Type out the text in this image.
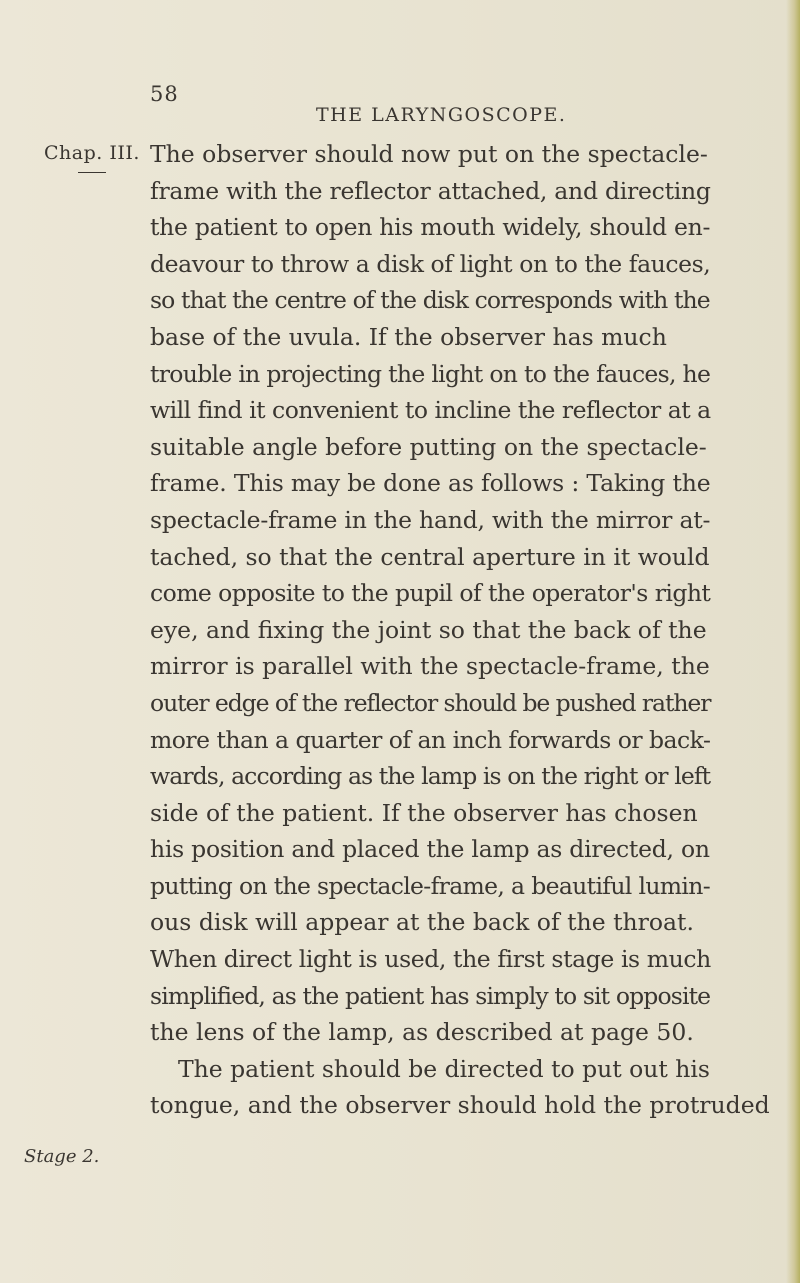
58
THE LARYNGOSCOPE.
Chap. III.
Stage 2.
The observer should now put on the spectacle-
frame with the reflector attached, and directing
the patient to open his mouth widely, should en-
deavour to throw a disk of light on to the fauces,
so that the centre of the disk corresponds with the
base of the uvula. If the observer has much
trouble in projecting the light on to the fauces, he
will find it convenient to incline the reflector at a
suitable angle before putting on the spectacle-
frame. This may be done as follows : Taking the
spectacle-frame in the hand, with the mirror at-
tached, so that the central aperture in it would
come opposite to the pupil of the operator's right
eye, and fixing the joint so that the back of the
mirror is parallel with the spectacle-frame, the
outer edge of the reflector should be pushed rather
more than a quarter of an inch forwards or back-
wards, according as the lamp is on the right or left
side of the patient. If the observer has chosen
his position and placed the lamp as directed, on
putting on the spectacle-frame, a beautiful lumin-
ous disk will appear at the back of the throat.
When direct light is used, the first stage is much
simplified, as the patient has simply to sit opposite
the lens of the lamp, as described at page 50.
The patient should be directed to put out his
tongue, and the observer should hold the protruded
